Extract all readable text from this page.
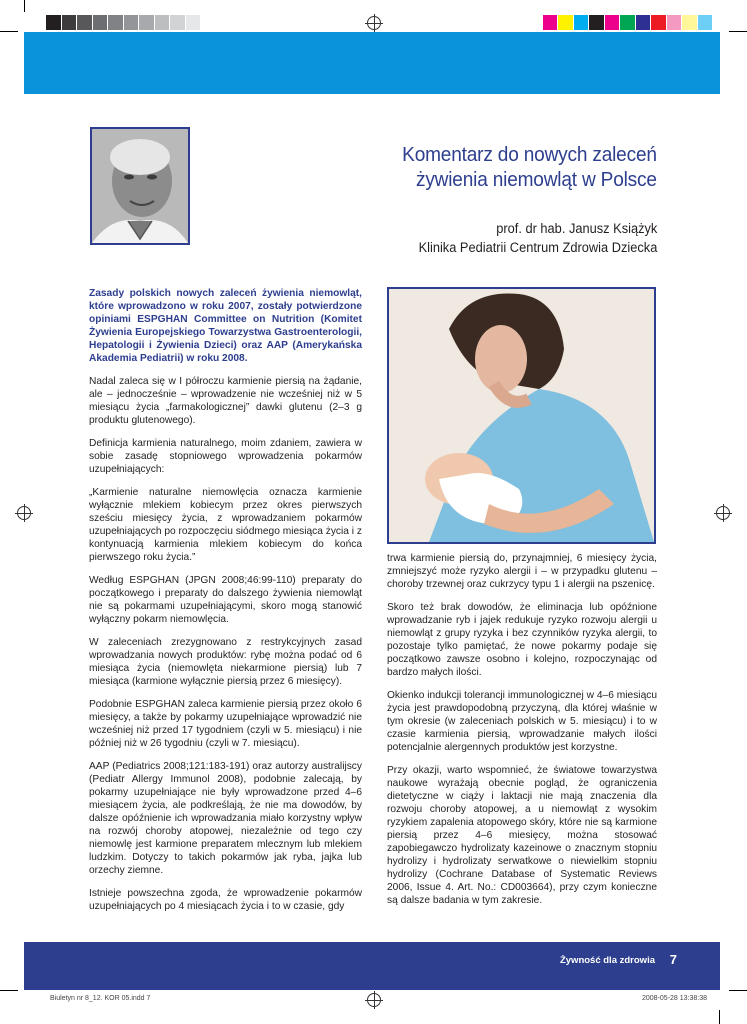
Komentarz do nowych zaleceń
żywienia niemowląt w Polsce
prof. dr hab. Janusz Książyk
Klinika Pediatrii Centrum Zdrowia Dziecka

Zasady polskich nowych zaleceń żywienia niemowląt, które wprowadzono w roku 2007, zostały potwierdzone opiniami ESPGHAN Committee on Nutrition (Komitet Żywienia Europejskiego Towarzystwa Gastroenterologii, Hepatologii i Żywienia Dzieci) oraz AAP (Amerykańska Akademia Pediatrii) w roku 2008.

Nadal zaleca się w I półroczu karmienie piersią na żądanie, ale – jednocześnie – wprowadzenie nie wcześniej niż w 5 miesiącu życia „farmakologicznej” dawki glutenu (2–3 g produktu glutenowego).

Definicja karmienia naturalnego, moim zdaniem, zawiera w sobie zasadę stopniowego wprowadzenia pokarmów uzupełniających:

„Karmienie naturalne niemowlęcia oznacza karmienie wyłącznie mlekiem kobiecym przez okres pierwszych sześciu miesięcy życia, z wprowadzaniem pokarmów uzupełniających po rozpoczęciu siódmego miesiąca życia i z kontynuacją karmienia mlekiem kobiecym do końca pierwszego roku życia.”

Według ESPGHAN (JPGN 2008;46:99-110) preparaty do początkowego i preparaty do dalszego żywienia niemowląt nie są pokarmami uzupełniającymi, skoro mogą stanowić wyłączny pokarm niemowlęcia.

W zaleceniach zrezygnowano z restrykcyjnych zasad wprowadzania nowych produktów: rybę można podać od 6 miesiąca życia (niemowlęta niekarmione piersią) lub 7 miesiąca (karmione wyłącznie piersią przez 6 miesięcy).

Podobnie ESPGHAN zaleca karmienie piersią przez około 6 miesięcy, a także by pokarmy uzupełniające wprowadzić nie wcześniej niż przed 17 tygodniem (czyli w 5. miesiącu) i nie później niż w 26 tygodniu (czyli w 7. miesiącu).

AAP (Pediatrics 2008;121:183-191) oraz autorzy australijscy (Pediatr Allergy Immunol 2008), podobnie zalecają, by pokarmy uzupełniające nie były wprowadzone przed 4–6 miesiącem życia, ale podkreślają, że nie ma dowodów, by dalsze opóźnienie ich wprowadzania miało korzystny wpływ na rozwój choroby atopowej, niezależnie od tego czy niemowlę jest karmione preparatem mlecznym lub mlekiem ludzkim. Dotyczy to takich pokarmów jak ryba, jajka lub orzechy ziemne.

Istnieje powszechna zgoda, że wprowadzenie pokarmów uzupełniających po 4 miesiącach życia i to w czasie, gdy

trwa karmienie piersią do, przynajmniej, 6 miesięcy życia, zmniejszyć może ryzyko alergii i – w przypadku glutenu – choroby trzewnej oraz cukrzycy typu 1 i alergii na pszenicę.

Skoro też brak dowodów, że eliminacja lub opóźnione wprowadzanie ryb i jajek redukuje ryzyko rozwoju alergii u niemowląt z grupy ryzyka i bez czynników ryzyka alergii, to pozostaje tylko pamiętać, że nowe pokarmy podaje się początkowo zawsze osobno i kolejno, rozpoczynając od bardzo małych ilości.

Okienko indukcji tolerancji immunologicznej w 4–6 miesiącu życia jest prawdopodobną przyczyną, dla której właśnie w tym okresie (w zaleceniach polskich w 5. miesiącu) i to w czasie karmienia piersią, wprowadzanie małych ilości potencjalnie alergennych produktów jest korzystne.

Przy okazji, warto wspomnieć, że światowe towarzystwa naukowe wyrażają obecnie pogląd, że ograniczenia dietetyczne w ciąży i laktacji nie mają znaczenia dla rozwoju choroby atopowej, a u niemowląt z wysokim ryzykiem zapalenia atopowego skóry, które nie są karmione piersią przez 4–6 miesięcy, można stosować zapobiegawczo hydrolizaty kazeinowe o znacznym stopniu hydrolizy i hydrolizaty serwatkowe o niewielkim stopniu hydrolizy (Cochrane Database of Systematic Reviews 2006, Issue 4. Art. No.: CD003664), przy czym konieczne są dalsze badania w tym zakresie.

Żywność dla zdrowia 7
Biuletyn nr 8_12. KOR 05.indd 7	2008-05-28 13:38:38
